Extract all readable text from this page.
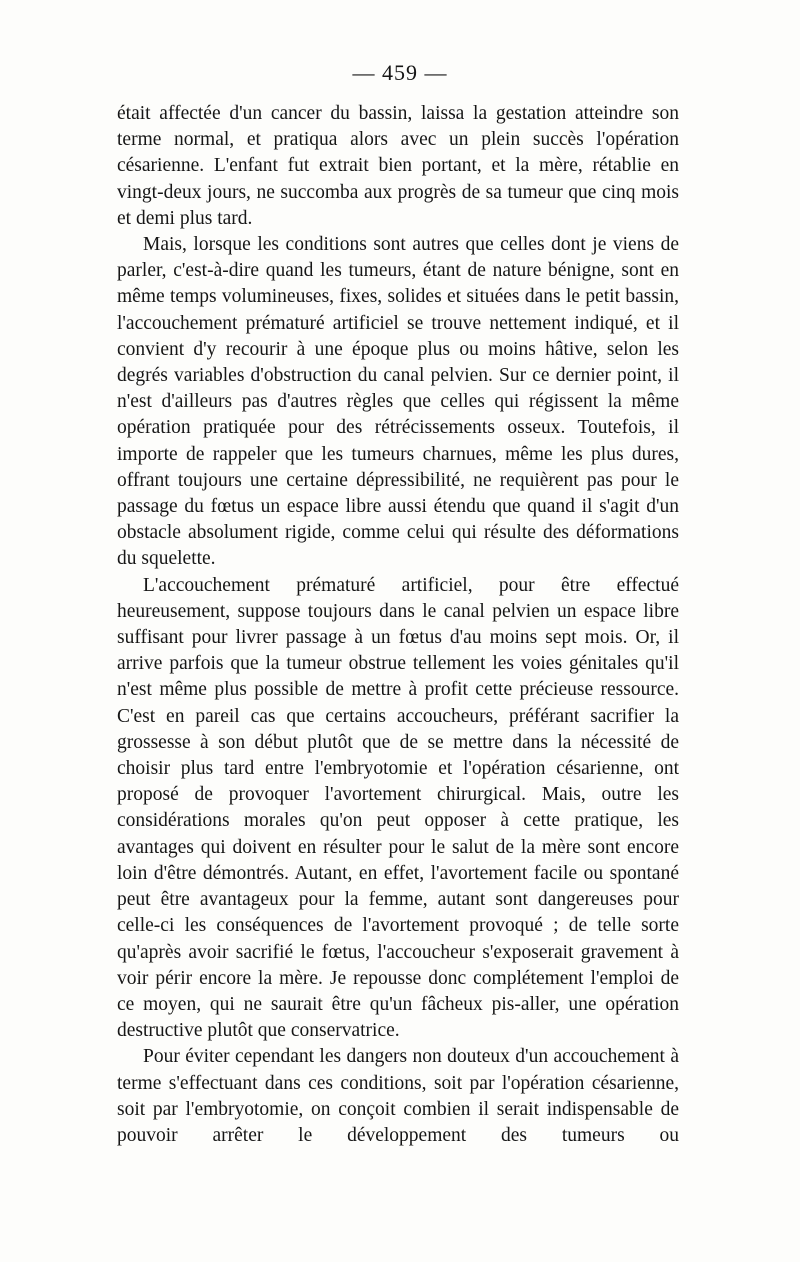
— 459 —

était affectée d'un cancer du bassin, laissa la gestation atteindre son terme normal, et pratiqua alors avec un plein succès l'opération césarienne. L'enfant fut extrait bien portant, et la mère, rétablie en vingt-deux jours, ne succomba aux progrès de sa tumeur que cinq mois et demi plus tard.

Mais, lorsque les conditions sont autres que celles dont je viens de parler, c'est-à-dire quand les tumeurs, étant de nature bénigne, sont en même temps volumineuses, fixes, solides et situées dans le petit bassin, l'accouchement prématuré artificiel se trouve nettement indiqué, et il convient d'y recourir à une époque plus ou moins hâtive, selon les degrés variables d'obstruction du canal pelvien. Sur ce dernier point, il n'est d'ailleurs pas d'autres règles que celles qui régissent la même opération pratiquée pour des rétrécissements osseux. Toutefois, il importe de rappeler que les tumeurs charnues, même les plus dures, offrant toujours une certaine dépressibilité, ne requièrent pas pour le passage du fœtus un espace libre aussi étendu que quand il s'agit d'un obstacle absolument rigide, comme celui qui résulte des déformations du squelette.

L'accouchement prématuré artificiel, pour être effectué heureusement, suppose toujours dans le canal pelvien un espace libre suffisant pour livrer passage à un fœtus d'au moins sept mois. Or, il arrive parfois que la tumeur obstrue tellement les voies génitales qu'il n'est même plus possible de mettre à profit cette précieuse ressource. C'est en pareil cas que certains accoucheurs, préférant sacrifier la grossesse à son début plutôt que de se mettre dans la nécessité de choisir plus tard entre l'embryotomie et l'opération césarienne, ont proposé de provoquer l'avortement chirurgical. Mais, outre les considérations morales qu'on peut opposer à cette pratique, les avantages qui doivent en résulter pour le salut de la mère sont encore loin d'être démontrés. Autant, en effet, l'avortement facile ou spontané peut être avantageux pour la femme, autant sont dangereuses pour celle-ci les conséquences de l'avortement provoqué ; de telle sorte qu'après avoir sacrifié le fœtus, l'accoucheur s'exposerait gravement à voir périr encore la mère. Je repousse donc complétement l'emploi de ce moyen, qui ne saurait être qu'un fâcheux pis-aller, une opération destructive plutôt que conservatrice.

Pour éviter cependant les dangers non douteux d'un accouchement à terme s'effectuant dans ces conditions, soit par l'opération césarienne, soit par l'embryotomie, on conçoit combien il serait indispensable de pouvoir arrêter le développement des tumeurs ou
